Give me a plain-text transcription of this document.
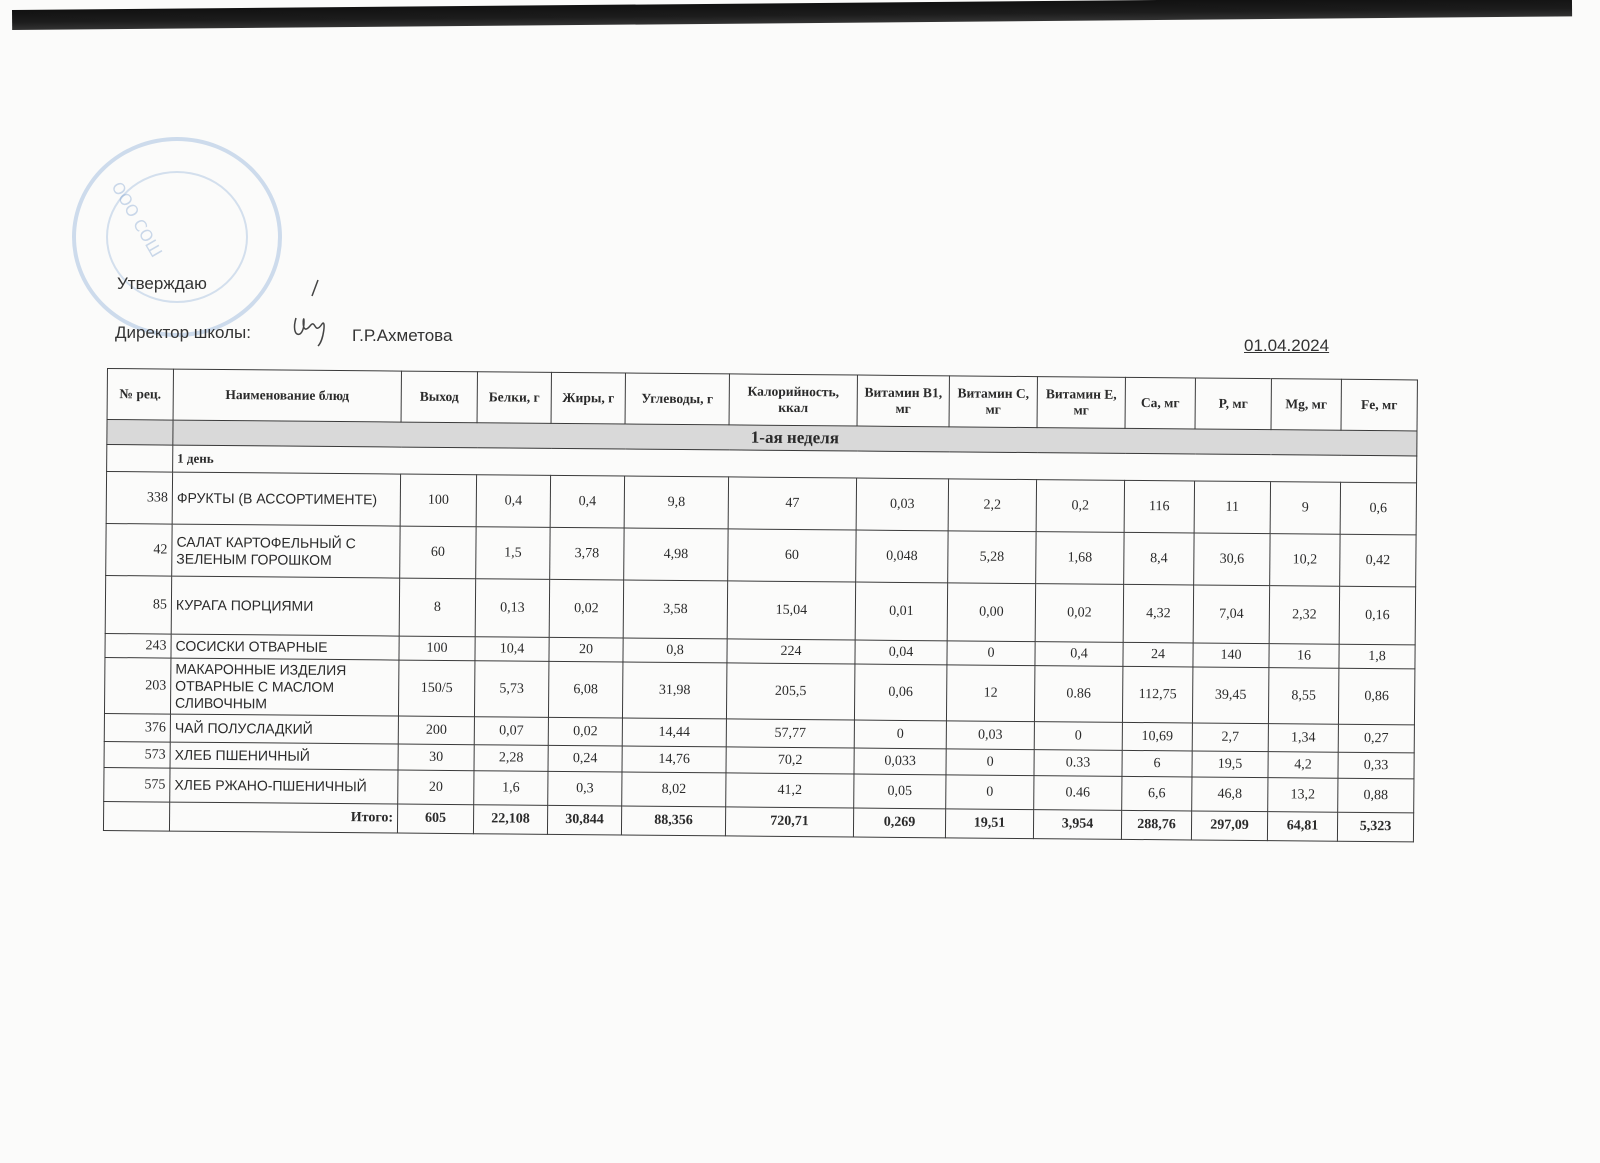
ООО СОШ
Утверждаю
Директор школы:	Г.Р.Ахметова
01.04.2024
№ рец.	Наименование блюд	Выход	Белки, г	Жиры, г	Углеводы, г	Калорийность, ккал	Витамин B1, мг	Витамин C, мг	Витамин E, мг	Ca, мг	P, мг	Mg, мг	Fe, мг
	1-ая неделя												
	1 день												
338	ФРУКТЫ (В АССОРТИМЕНТЕ)	100	0,4	0,4	9,8	47	0,03	2,2	0,2	116	11	9	0,6
42	САЛАТ КАРТОФЕЛЬНЫЙ С ЗЕЛЕНЫМ ГОРОШКОМ	60	1,5	3,78	4,98	60	0,048	5,28	1,68	8,4	30,6	10,2	0,42
85	КУРАГА ПОРЦИЯМИ	8	0,13	0,02	3,58	15,04	0,01	0,00	0,02	4,32	7,04	2,32	0,16
243	СОСИСКИ ОТВАРНЫЕ	100	10,4	20	0,8	224	0,04	0	0,4	24	140	16	1,8
203	МАКАРОННЫЕ ИЗДЕЛИЯ ОТВАРНЫЕ С МАСЛОМ СЛИВОЧНЫМ	150/5	5,73	6,08	31,98	205,5	0,06	12	0.86	112,75	39,45	8,55	0,86
376	ЧАЙ ПОЛУСЛАДКИЙ	200	0,07	0,02	14,44	57,77	0	0,03	0	10,69	2,7	1,34	0,27
573	ХЛЕБ ПШЕНИЧНЫЙ	30	2,28	0,24	14,76	70,2	0,033	0	0.33	6	19,5	4,2	0,33
575	ХЛЕБ РЖАНО-ПШЕНИЧНЫЙ	20	1,6	0,3	8,02	41,2	0,05	0	0.46	6,6	46,8	13,2	0,88
	Итого:	605	22,108	30,844	88,356	720,71	0,269	19,51	3,954	288,76	297,09	64,81	5,323
